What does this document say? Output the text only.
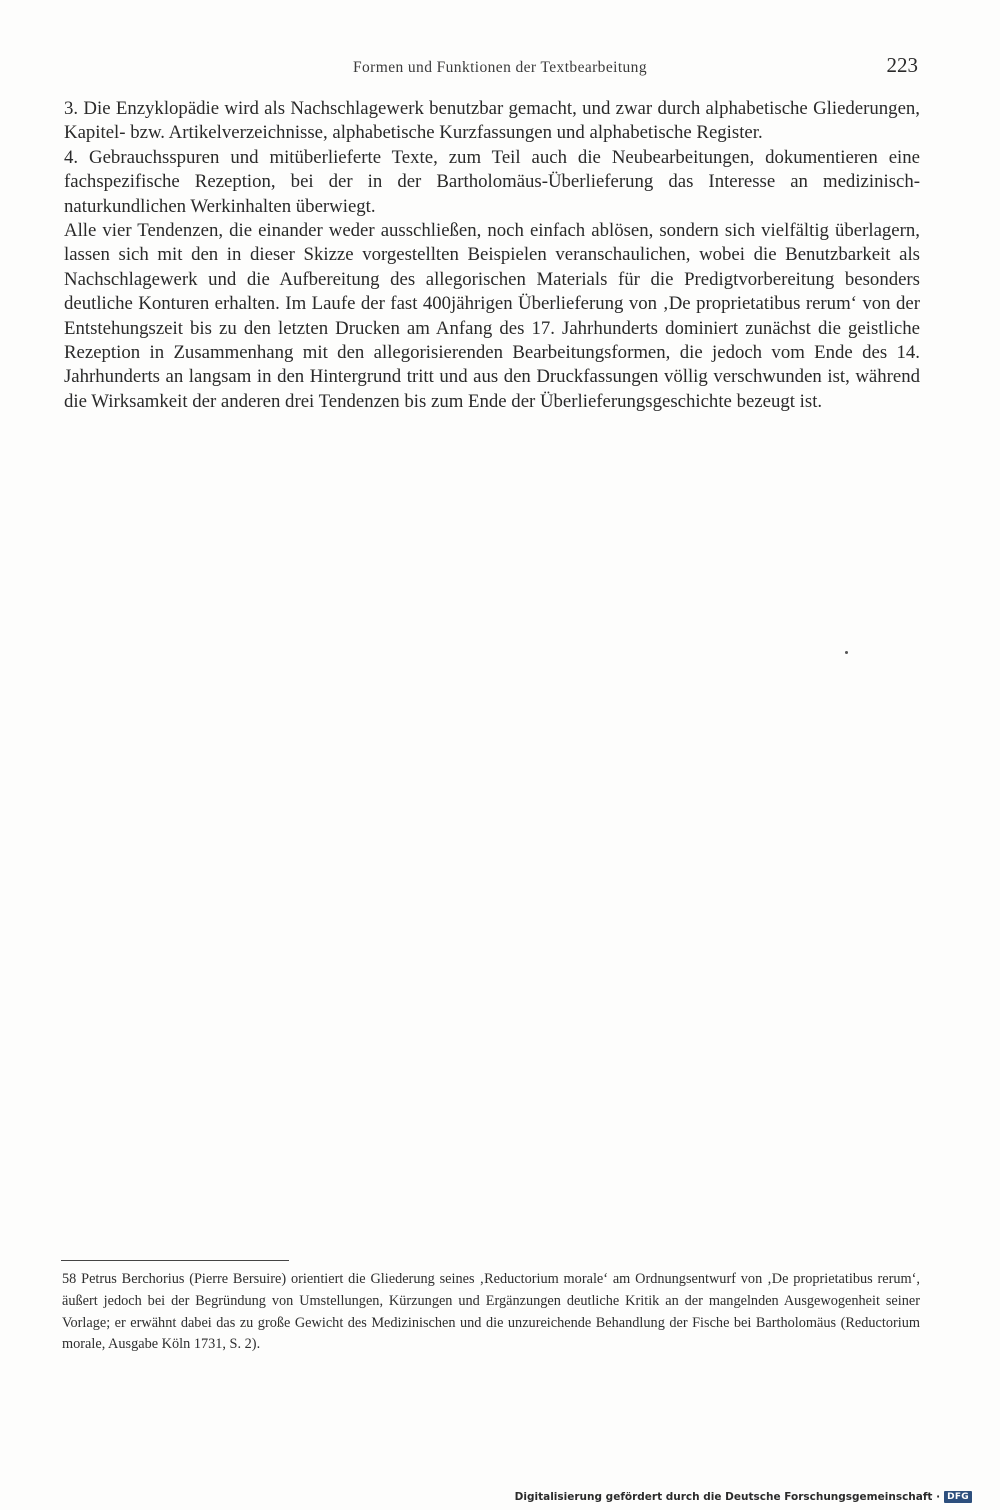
Formen und Funktionen der Textbearbeitung	223

3. Die Enzyklopädie wird als Nachschlagewerk benutzbar gemacht, und zwar durch alphabetische Gliederungen, Kapitel- bzw. Artikelverzeichnisse, alphabetische Kurzfassungen und alphabetische Register.

4. Gebrauchsspuren und mitüberlieferte Texte, zum Teil auch die Neubearbeitungen, dokumentieren eine fachspezifische Rezeption, bei der in der Bartholomäus-Überlieferung das Interesse an medizinisch-naturkundlichen Werkinhalten überwiegt.

Alle vier Tendenzen, die einander weder ausschließen, noch einfach ablösen, sondern sich vielfältig überlagern, lassen sich mit den in dieser Skizze vorgestellten Beispielen veranschaulichen, wobei die Benutzbarkeit als Nachschlagewerk und die Aufbereitung des allegorischen Materials für die Predigtvorbereitung besonders deutliche Konturen erhalten. Im Laufe der fast 400jährigen Überlieferung von ‚De proprietatibus rerum‘ von der Entstehungszeit bis zu den letzten Drucken am Anfang des 17. Jahrhunderts dominiert zunächst die geistliche Rezeption in Zusammenhang mit den allegorisierenden Bearbeitungsformen, die jedoch vom Ende des 14. Jahrhunderts an langsam in den Hintergrund tritt und aus den Druckfassungen völlig verschwunden ist, während die Wirksamkeit der anderen drei Tendenzen bis zum Ende der Überlieferungsgeschichte bezeugt ist.

58 Petrus Berchorius (Pierre Bersuire) orientiert die Gliederung seines ‚Reductorium morale‘ am Ordnungsentwurf von ‚De proprietatibus rerum‘, äußert jedoch bei der Begründung von Umstellungen, Kürzungen und Ergänzungen deutliche Kritik an der mangelnden Ausgewogenheit seiner Vorlage; er erwähnt dabei das zu große Gewicht des Medizinischen und die unzureichende Behandlung der Fische bei Bartholomäus (Reductorium morale, Ausgabe Köln 1731, S. 2).

Digitalisierung gefördert durch die Deutsche Forschungsgemeinschaft · DFG
